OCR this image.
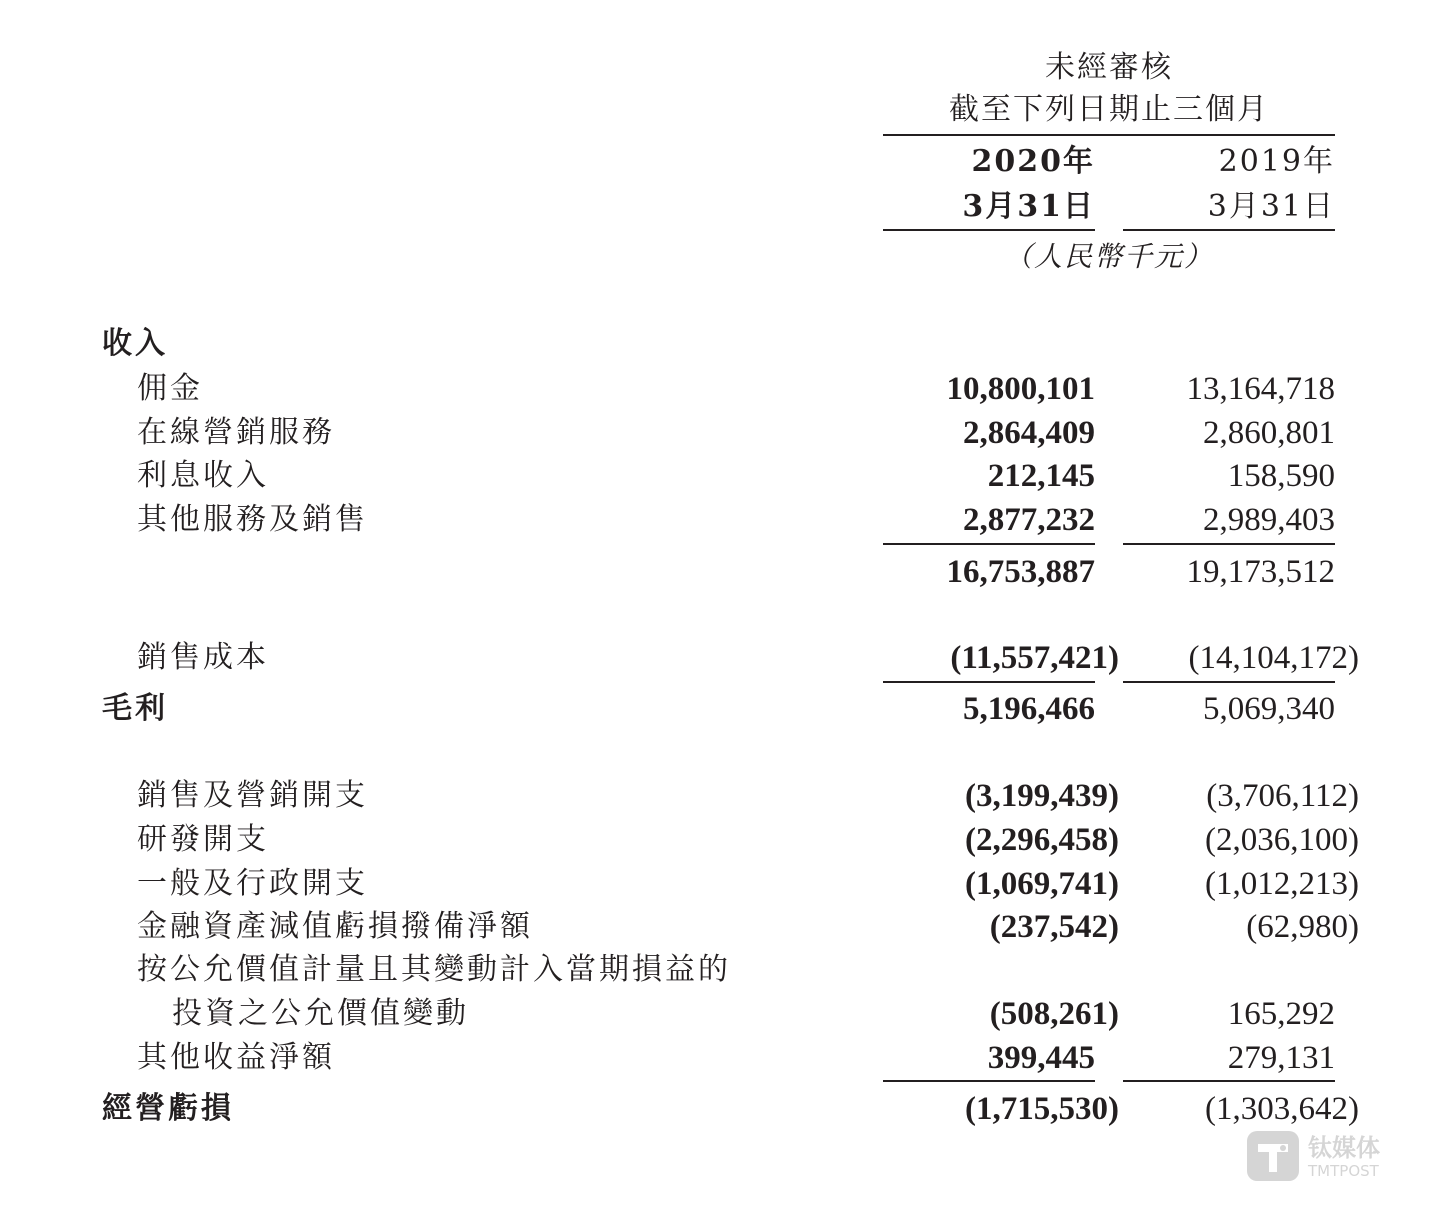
未經審核
截至下列日期止三個月
2020年
3月31日
2019年
3月31日
（人民幣千元）
收入
佣金	10,800,101	13,164,718
在線營銷服務	2,864,409	2,860,801
利息收入	212,145	158,590
其他服務及銷售	2,877,232	2,989,403
16,753,887	19,173,512
銷售成本	(11,557,421)	(14,104,172)
毛利	5,196,466	5,069,340
銷售及營銷開支	(3,199,439)	(3,706,112)
研發開支	(2,296,458)	(2,036,100)
一般及行政開支	(1,069,741)	(1,012,213)
金融資產減值虧損撥備淨額	(237,542)	(62,980)
按公允價值計量且其變動計入當期損益的
投資之公允價值變動	(508,261)	165,292
其他收益淨額	399,445	279,131
經營虧損	(1,715,530)	(1,303,642)
钛媒体
TMTPOST
